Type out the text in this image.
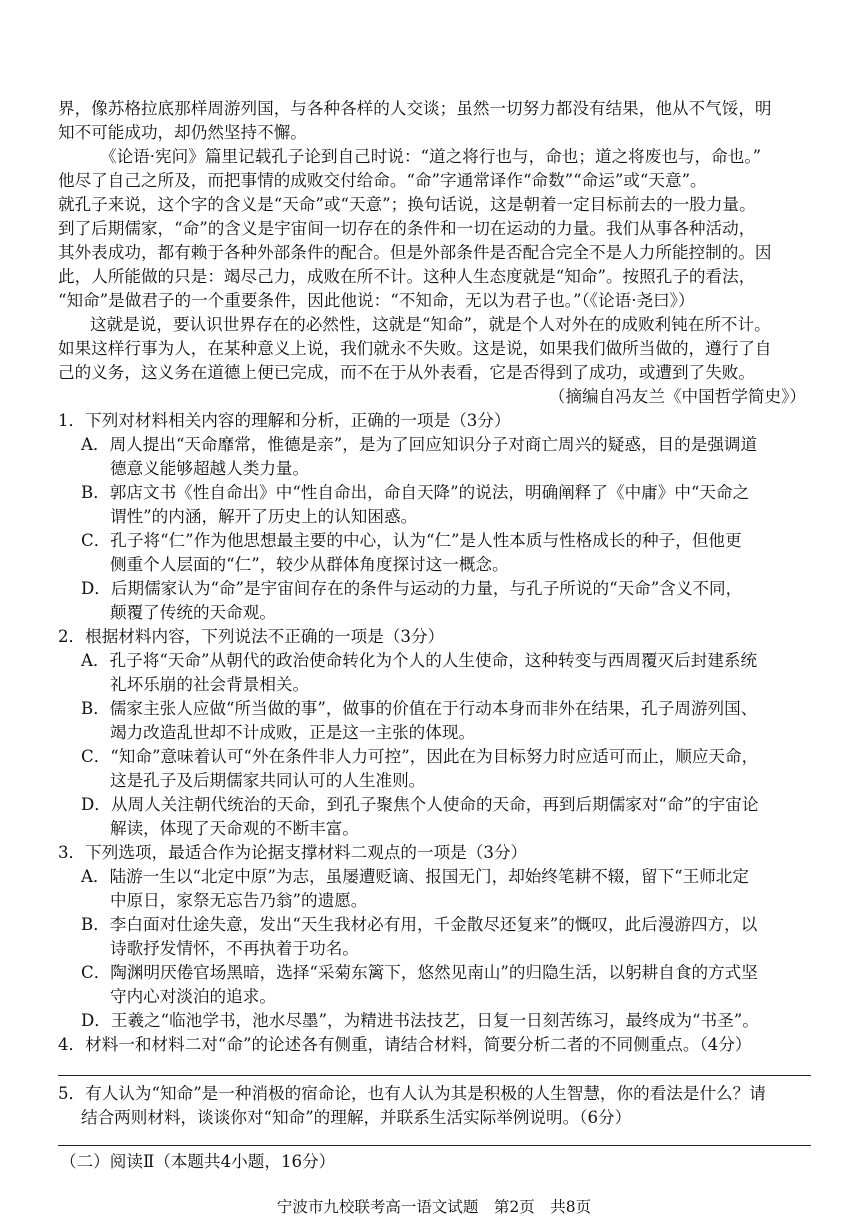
界，像苏格拉底那样周游列国，与各种各样的人交谈；虽然一切努力都没有结果，他从不气馁，明
知不可能成功，却仍然坚持不懈。
《论语·宪问》篇里记载孔子论到自己时说：“道之将行也与，命也；道之将废也与，命也。”
他尽了自己之所及，而把事情的成败交付给命。“命”字通常译作“命数”“命运”或“天意”。
就孔子来说，这个字的含义是“天命”或“天意”；换句话说，这是朝着一定目标前去的一股力量。
到了后期儒家，“命”的含义是宇宙间一切存在的条件和一切在运动的力量。我们从事各种活动，
其外表成功，都有赖于各种外部条件的配合。但是外部条件是否配合完全不是人力所能控制的。因
此，人所能做的只是：竭尽己力，成败在所不计。这种人生态度就是“知命”。按照孔子的看法，
“知命”是做君子的一个重要条件，因此他说：“不知命，无以为君子也。”（《论语·尧曰》）
这就是说，要认识世界存在的必然性，这就是“知命”，就是个人对外在的成败利钝在所不计。
如果这样行事为人，在某种意义上说，我们就永不失败。这是说，如果我们做所当做的，遵行了自
己的义务，这义务在道德上便已完成，而不在于从外表看，它是否得到了成功，或遭到了失败。
（摘编自冯友兰《中国哲学简史》）
1．下列对材料相关内容的理解和分析，正确的一项是（3分）
A．周人提出“天命靡常，惟德是亲”，是为了回应知识分子对商亡周兴的疑惑，目的是强调道
德意义能够超越人类力量。
B．郭店文书《性自命出》中“性自命出，命自天降”的说法，明确阐释了《中庸》中“天命之
谓性”的内涵，解开了历史上的认知困惑。
C．孔子将“仁”作为他思想最主要的中心，认为“仁”是人性本质与性格成长的种子，但他更
侧重个人层面的“仁”，较少从群体角度探讨这一概念。
D．后期儒家认为“命”是宇宙间存在的条件与运动的力量，与孔子所说的“天命”含义不同，
颠覆了传统的天命观。
2．根据材料内容，下列说法不正确的一项是（3分）
A．孔子将“天命”从朝代的政治使命转化为个人的人生使命，这种转变与西周覆灭后封建系统
礼坏乐崩的社会背景相关。
B．儒家主张人应做“所当做的事”，做事的价值在于行动本身而非外在结果，孔子周游列国、
竭力改造乱世却不计成败，正是这一主张的体现。
C．“知命”意味着认可“外在条件非人力可控”，因此在为目标努力时应适可而止，顺应天命，
这是孔子及后期儒家共同认可的人生准则。
D．从周人关注朝代统治的天命，到孔子聚焦个人使命的天命，再到后期儒家对“命”的宇宙论
解读，体现了天命观的不断丰富。
3．下列选项，最适合作为论据支撑材料二观点的一项是（3分）
A．陆游一生以“北定中原”为志，虽屡遭贬谪、报国无门，却始终笔耕不辍，留下“王师北定
中原日，家祭无忘告乃翁”的遗愿。
B．李白面对仕途失意，发出“天生我材必有用，千金散尽还复来”的慨叹，此后漫游四方，以
诗歌抒发情怀，不再执着于功名。
C．陶渊明厌倦官场黑暗，选择“采菊东篱下，悠然见南山”的归隐生活，以躬耕自食的方式坚
守内心对淡泊的追求。
D．王羲之“临池学书，池水尽墨”，为精进书法技艺，日复一日刻苦练习，最终成为“书圣”。
4．材料一和材料二对“命”的论述各有侧重，请结合材料，简要分析二者的不同侧重点。（4分）
5．有人认为“知命”是一种消极的宿命论，也有人认为其是积极的人生智慧，你的看法是什么？请
结合两则材料，谈谈你对“知命”的理解，并联系生活实际举例说明。（6分）
（二）阅读Ⅱ（本题共4小题，16分）
宁波市九校联考高一语文试题　第2页　共8页
